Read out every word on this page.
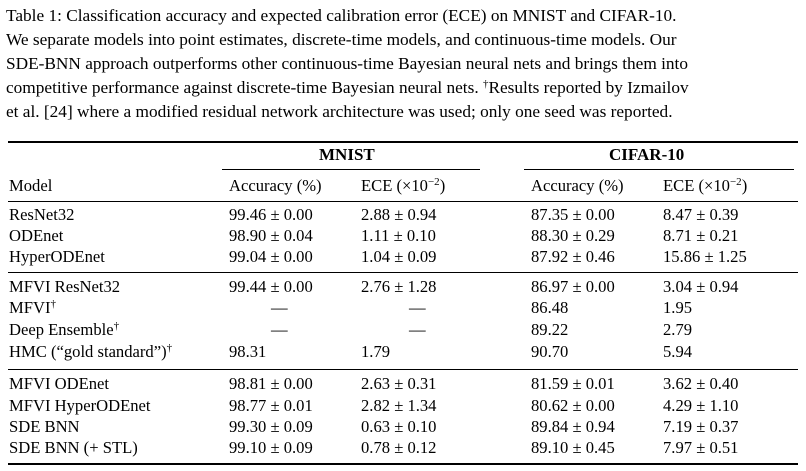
Table 1: Classification accuracy and expected calibration error (ECE) on MNIST and CIFAR-10.
We separate models into point estimates, discrete-time models, and continuous-time models. Our
SDE-BNN approach outperforms other continuous-time Bayesian neural nets and brings them into
competitive performance against discrete-time Bayesian neural nets. †Results reported by Izmailov
et al. [24] where a modified residual network architecture was used; only one seed was reported.
MNIST	CIFAR-10
Model	Accuracy (%) ECE $(\times 10^{-2})$	Accuracy (%) ECE $(\times 10^{-2})$
ResNet32	99.46 ± 0.00	2.88 ± 0.94	87.35 ± 0.00	8.47 ± 0.39
ODEnet	98.90 ± 0.04	1.11 ± 0.10	88.30 ± 0.29	8.71 ± 0.21
HyperODEnet	99.04 ± 0.00	1.04 ± 0.09	87.92 ± 0.46	15.86 ± 1.25
MFVI ResNet32	99.44 ± 0.00	2.76 ± 1.28	86.97 ± 0.00	3.04 ± 0.94
MFVI†	—	—	86.48	1.95
Deep Ensemble†	—	—	89.22	2.79
HMC (“gold standard”)†	98.31	1.79	90.70	5.94
MFVI ODEnet	98.81 ± 0.00	2.63 ± 0.31	81.59 ± 0.01	3.62 ± 0.40
MFVI HyperODEnet	98.77 ± 0.01	2.82 ± 1.34	80.62 ± 0.00	4.29 ± 1.10
SDE BNN	99.30 ± 0.09	0.63 ± 0.10	89.84 ± 0.94	7.19 ± 0.37
SDE BNN (+ STL)	99.10 ± 0.09	0.78 ± 0.12	89.10 ± 0.45	7.97 ± 0.51
